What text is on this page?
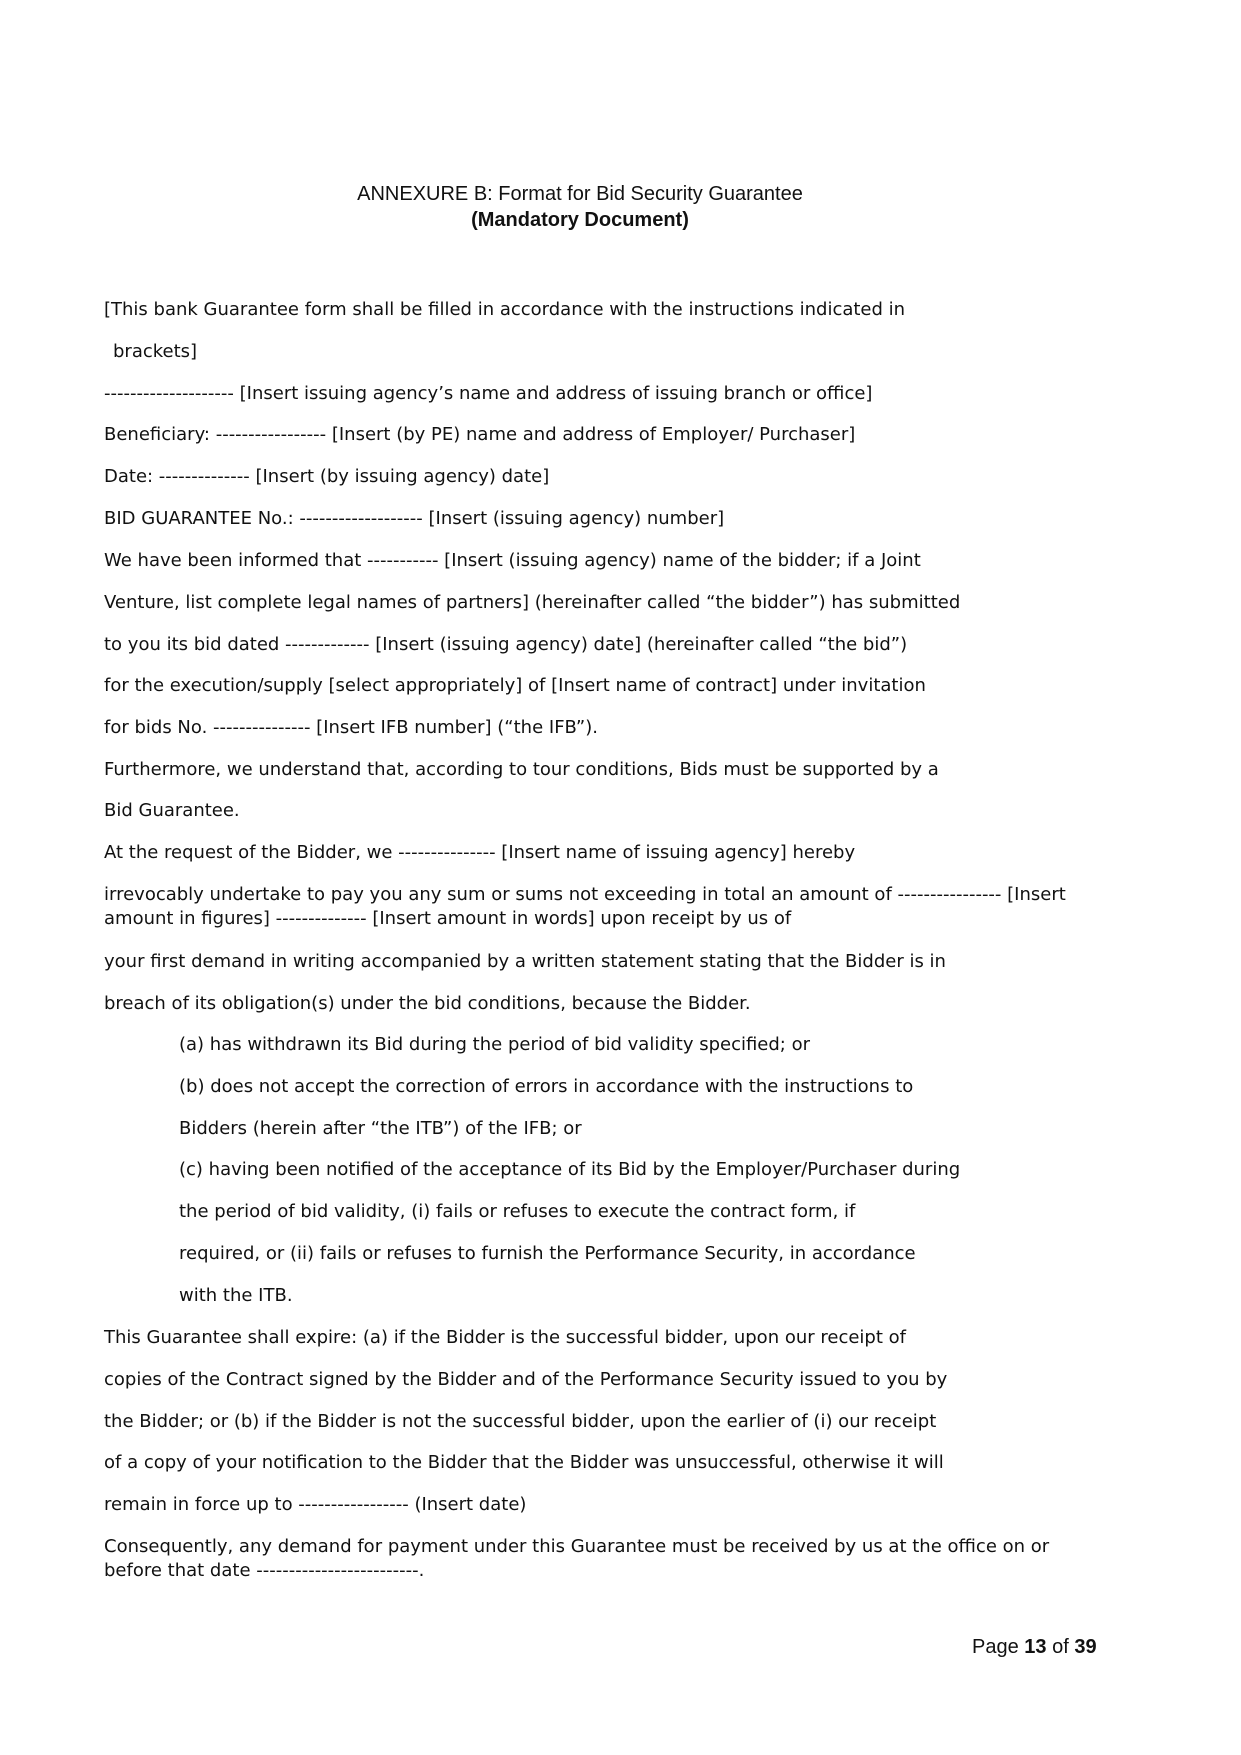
ANNEXURE B: Format for Bid Security Guarantee
(Mandatory Document)
[This bank Guarantee form shall be filled in accordance with the instructions indicated in
brackets]
-------------------- [Insert issuing agency’s name and address of issuing branch or office]
Beneficiary: ----------------- [Insert (by PE) name and address of Employer/ Purchaser]
Date: -------------- [Insert (by issuing agency) date]
BID GUARANTEE No.: ------------------- [Insert (issuing agency) number]
We have been informed that ----------- [Insert (issuing agency) name of the bidder; if a Joint
Venture, list complete legal names of partners] (hereinafter called “the bidder”) has submitted
to you its bid dated ------------- [Insert (issuing agency) date] (hereinafter called “the bid”)
for the execution/supply [select appropriately] of [Insert name of contract] under invitation
for bids No. --------------- [Insert IFB number] (“the IFB”).
Furthermore, we understand that, according to tour conditions, Bids must be supported by a
Bid Guarantee.
At the request of the Bidder, we --------------- [Insert name of issuing agency] hereby
irrevocably undertake to pay you any sum or sums not exceeding in total an amount of ---------------- [Insert amount in figures] -------------- [Insert amount in words] upon receipt by us of
your first demand in writing accompanied by a written statement stating that the Bidder is in
breach of its obligation(s) under the bid conditions, because the Bidder.
(a) has withdrawn its Bid during the period of bid validity specified; or
(b) does not accept the correction of errors in accordance with the instructions to
Bidders (herein after “the ITB”) of the IFB; or
(c) having been notified of the acceptance of its Bid by the Employer/Purchaser during
the period of bid validity, (i) fails or refuses to execute the contract form, if
required, or (ii) fails or refuses to furnish the Performance Security, in accordance
with the ITB.
This Guarantee shall expire: (a) if the Bidder is the successful bidder, upon our receipt of
copies of the Contract signed by the Bidder and of the Performance Security issued to you by
the Bidder; or (b) if the Bidder is not the successful bidder, upon the earlier of (i) our receipt
of a copy of your notification to the Bidder that the Bidder was unsuccessful, otherwise it will
remain in force up to ----------------- (Insert date)
Consequently, any demand for payment under this Guarantee must be received by us at the office on or before that date -------------------------.
Page 13 of 39
